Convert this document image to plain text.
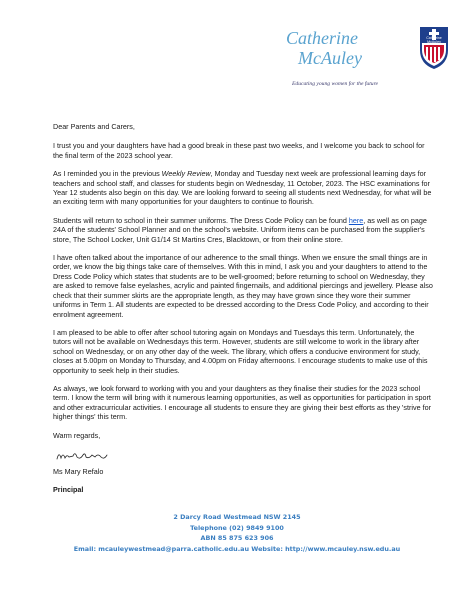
Catherine
McAuley
Educating young women for the future
Catherine
McAuley

Dear Parents and Carers,

I trust you and your daughters have had a good break in these past two weeks, and I welcome you back to school for the final term of the 2023 school year.

As I reminded you in the previous Weekly Review, Monday and Tuesday next week are professional learning days for teachers and school staff, and classes for students begin on Wednesday, 11 October, 2023. The HSC examinations for Year 12 students also begin on this day. We are looking forward to seeing all students next Wednesday, for what will be an exciting term with many opportunities for your daughters to continue to flourish.

Students will return to school in their summer uniforms. The Dress Code Policy can be found here, as well as on page 24A of the students' School Planner and on the school's website. Uniform items can be purchased from the supplier's store, The School Locker, Unit G1/14 St Martins Cres, Blacktown, or from their online store.

I have often talked about the importance of our adherence to the small things. When we ensure the small things are in order, we know the big things take care of themselves. With this in mind, I ask you and your daughters to attend to the Dress Code Policy which states that students are to be well-groomed; before returning to school on Wednesday, they are asked to remove false eyelashes, acrylic and painted fingernails, and additional piercings and jewellery. Please also check that their summer skirts are the appropriate length, as they may have grown since they wore their summer uniforms in Term 1. All students are expected to be dressed according to the Dress Code Policy, and according to their enrolment agreement.

I am pleased to be able to offer after school tutoring again on Mondays and Tuesdays this term. Unfortunately, the tutors will not be available on Wednesdays this term. However, students are still welcome to work in the library after school on Wednesday, or on any other day of the week. The library, which offers a conducive environment for study, closes at 5.00pm on Monday to Thursday, and 4.00pm on Friday afternoons. I encourage students to make use of this opportunity to seek help in their studies.

As always, we look forward to working with you and your daughters as they finalise their studies for the 2023 school term. I know the term will bring with it numerous learning opportunities, as well as opportunities for participation in sport and other extracurricular activities. I encourage all students to ensure they are giving their best efforts as they 'strive for higher things' this term.

Warm regards,

Ms Mary Refalo

Principal

2 Darcy Road Westmead NSW 2145
Telephone (02) 9849 9100
ABN 85 875 623 906
Email: mcauleywestmead@parra.catholic.edu.au Website: http://www.mcauley.nsw.edu.au
